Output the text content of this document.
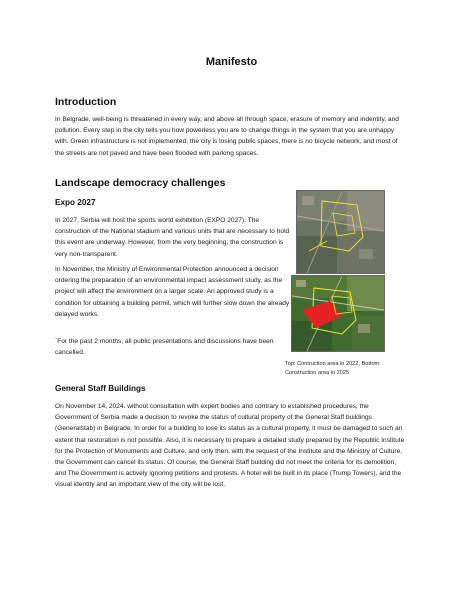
Manifesto
Introduction

In Belgrade, well-being is threatened in every way, and above all through space, erasure of memory and indentity, and pollution. Every step in the city tells you how powerless you are to change things in the system that you are unhappy with. Green infrastructure is not implemented, the city is losing public spaces, there is no bicycle network, and most of the streets are not paved and have been flooded with parking spaces.

Landscape democracy challenges
Expo 2027

In 2027, Serbia will host the sports world exhibition (EXPO 2027). The construction of the National stadium and various units that are necessary to hold this event are underway. However, from the very beginning, the construction is very non-transparent.

In November, the Ministry of Environmental Protection announced a decision ordering the preparation of an environmental impact assessment study, as the project will affect the environment on a larger scale. An approved study is a condition for obtaining a building permit, which will further slow down the already delayed works.

`For the past 2 months, all public presentations and discussions have been cancelled.

Top: Contruction area in 2022, Bottom: Construction area in 2025
General Staff Buildings

On November 14, 2024. without consultation with expert bodies and contrary to established procedures, the Government of Serbia made a decision to revoke the status of cultural property of the General Staff buildings (Generalštab) in Belgrade. In order for a building to lose its status as a cultural property, it must be damaged to such an extent that restoration is not possible. Also, it is necessary to prepare a detailed study prepared by the Republic Institute for the Protection of Monuments and Culture, and only then, with the request of the Institute and the Ministry of Culture, the Government can cancel its status. Of course, the General Staff building did not meet the criteria for its demolition, and The Government is actively ignoring petitions and protests. A hotel will be built in its place (Trump Towers), and the visual identity and an important view of the city will be lost.
